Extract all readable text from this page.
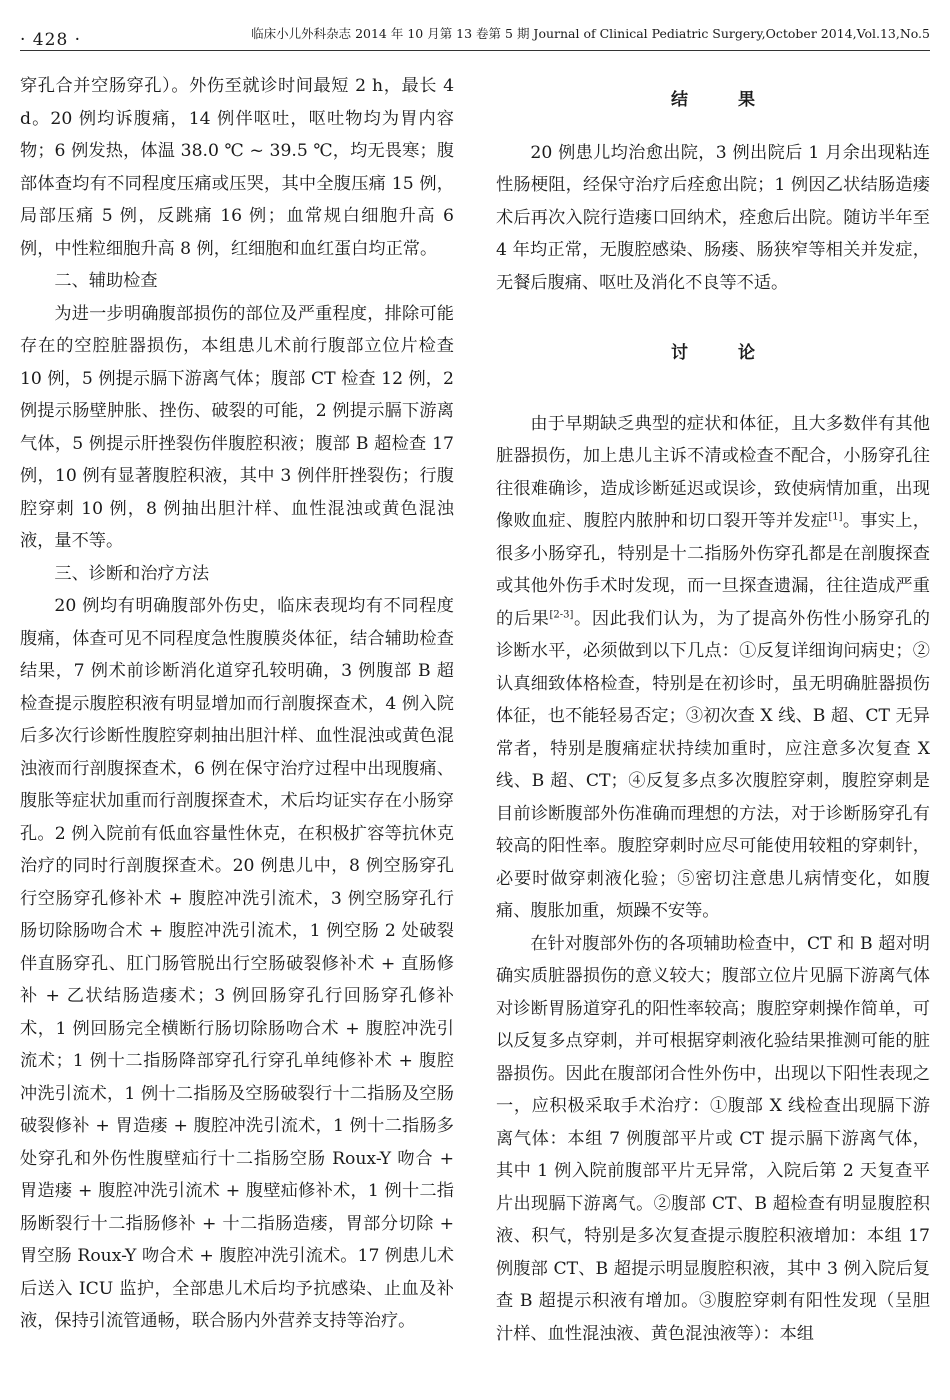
· 428 ·	临床小儿外科杂志 2014 年 10 月第 13 卷第 5 期 Journal of Clinical Pediatric Surgery,October 2014,Vol.13,No.5

穿孔合并空肠穿孔）。外伤至就诊时间最短 2 h，最长 4 d。20 例均诉腹痛，14 例伴呕吐，呕吐物均为胃内容物；6 例发热，体温 38.0 ℃ ~ 39.5 ℃，均无畏寒；腹部体查均有不同程度压痛或压哭，其中全腹压痛 15 例，局部压痛 5 例，反跳痛 16 例；血常规白细胞升高 6 例，中性粒细胞升高 8 例，红细胞和血红蛋白均正常。

二、辅助检查

为进一步明确腹部损伤的部位及严重程度，排除可能存在的空腔脏器损伤，本组患儿术前行腹部立位片检查 10 例，5 例提示膈下游离气体；腹部 CT 检查 12 例，2 例提示肠壁肿胀、挫伤、破裂的可能，2 例提示膈下游离气体，5 例提示肝挫裂伤伴腹腔积液；腹部 B 超检查 17 例，10 例有显著腹腔积液，其中 3 例伴肝挫裂伤；行腹腔穿刺 10 例，8 例抽出胆汁样、血性混浊或黄色混浊液，量不等。

三、诊断和治疗方法

20 例均有明确腹部外伤史，临床表现均有不同程度腹痛，体查可见不同程度急性腹膜炎体征，结合辅助检查结果，7 例术前诊断消化道穿孔较明确，3 例腹部 B 超检查提示腹腔积液有明显增加而行剖腹探查术，4 例入院后多次行诊断性腹腔穿刺抽出胆汁样、血性混浊或黄色混浊液而行剖腹探查术，6 例在保守治疗过程中出现腹痛、腹胀等症状加重而行剖腹探查术，术后均证实存在小肠穿孔。2 例入院前有低血容量性休克，在积极扩容等抗休克治疗的同时行剖腹探查术。20 例患儿中，8 例空肠穿孔行空肠穿孔修补术 + 腹腔冲洗引流术，3 例空肠穿孔行肠切除肠吻合术 + 腹腔冲洗引流术，1 例空肠 2 处破裂伴直肠穿孔、肛门肠管脱出行空肠破裂修补术 + 直肠修补 + 乙状结肠造瘘术；3 例回肠穿孔行回肠穿孔修补术，1 例回肠完全横断行肠切除肠吻合术 + 腹腔冲洗引流术；1 例十二指肠降部穿孔行穿孔单纯修补术 + 腹腔冲洗引流术，1 例十二指肠及空肠破裂行十二指肠及空肠破裂修补 + 胃造瘘 + 腹腔冲洗引流术，1 例十二指肠多处穿孔和外伤性腹壁疝行十二指肠空肠 Roux-Y 吻合 + 胃造瘘 + 腹腔冲洗引流术 + 腹壁疝修补术，1 例十二指肠断裂行十二指肠修补 + 十二指肠造瘘，胃部分切除 + 胃空肠 Roux-Y 吻合术 + 腹腔冲洗引流术。17 例患儿术后送入 ICU 监护，全部患儿术后均予抗感染、止血及补液，保持引流管通畅，联合肠内外营养支持等治疗。

结 果

20 例患儿均治愈出院，3 例出院后 1 月余出现粘连性肠梗阻，经保守治疗后痊愈出院；1 例因乙状结肠造瘘术后再次入院行造瘘口回纳术，痊愈后出院。随访半年至 4 年均正常，无腹腔感染、肠瘘、肠狭窄等相关并发症，无餐后腹痛、呕吐及消化不良等不适。

讨 论

由于早期缺乏典型的症状和体征，且大多数伴有其他脏器损伤，加上患儿主诉不清或检查不配合，小肠穿孔往往很难确诊，造成诊断延迟或误诊，致使病情加重，出现像败血症、腹腔内脓肿和切口裂开等并发症[1]。事实上，很多小肠穿孔，特别是十二指肠外伤穿孔都是在剖腹探查或其他外伤手术时发现，而一旦探查遗漏，往往造成严重的后果[2-3]。因此我们认为，为了提高外伤性小肠穿孔的诊断水平，必须做到以下几点：①反复详细询问病史；②认真细致体格检查，特别是在初诊时，虽无明确脏器损伤体征，也不能轻易否定；③初次查 X 线、B 超、CT 无异常者，特别是腹痛症状持续加重时，应注意多次复查 X 线、B 超、CT；④反复多点多次腹腔穿刺，腹腔穿刺是目前诊断腹部外伤准确而理想的方法，对于诊断肠穿孔有较高的阳性率。腹腔穿刺时应尽可能使用较粗的穿刺针，必要时做穿刺液化验；⑤密切注意患儿病情变化，如腹痛、腹胀加重，烦躁不安等。

在针对腹部外伤的各项辅助检查中，CT 和 B 超对明确实质脏器损伤的意义较大；腹部立位片见膈下游离气体对诊断胃肠道穿孔的阳性率较高；腹腔穿刺操作简单，可以反复多点穿刺，并可根据穿刺液化验结果推测可能的脏器损伤。因此在腹部闭合性外伤中，出现以下阳性表现之一，应积极采取手术治疗：①腹部 X 线检查出现膈下游离气体：本组 7 例腹部平片或 CT 提示膈下游离气体，其中 1 例入院前腹部平片无异常，入院后第 2 天复查平片出现膈下游离气。②腹部 CT、B 超检查有明显腹腔积液、积气，特别是多次复查提示腹腔积液增加：本组 17 例腹部 CT、B 超提示明显腹腔积液，其中 3 例入院后复查 B 超提示积液有增加。③腹腔穿刺有阳性发现（呈胆汁样、血性混浊液、黄色混浊液等）：本组
